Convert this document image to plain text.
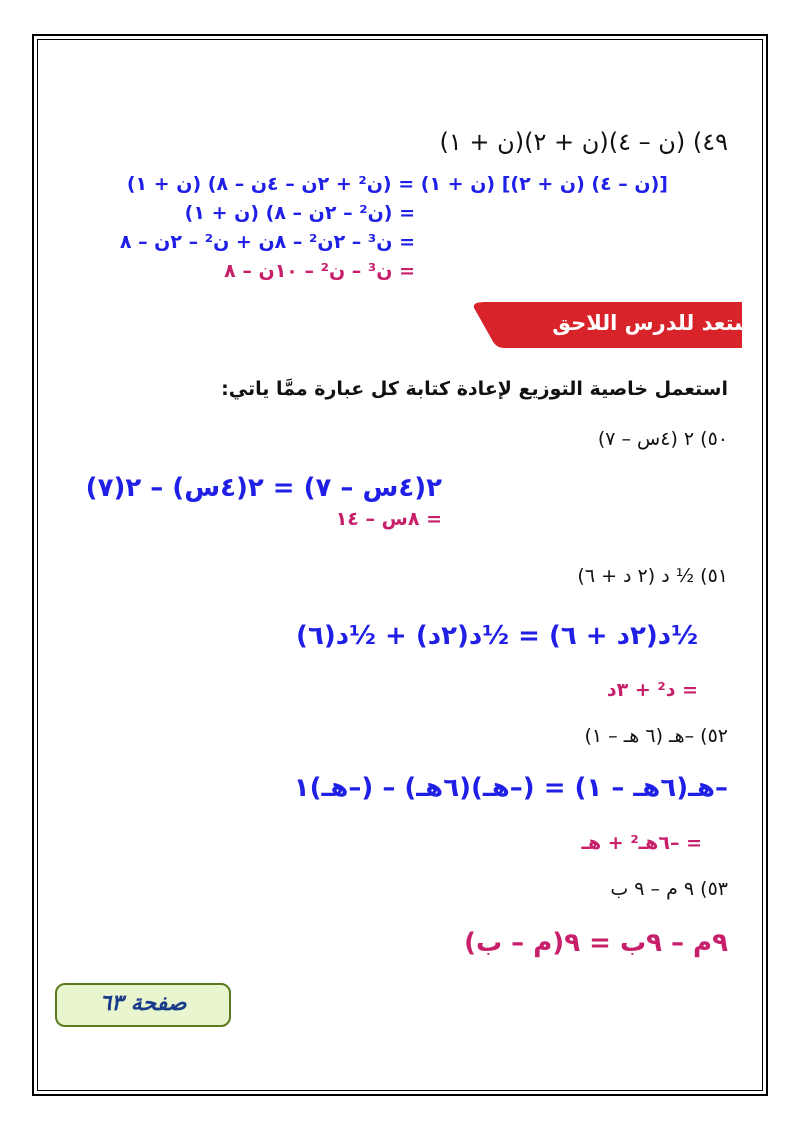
٤٩) (ن – ٤)(ن + ٢)(ن + ١)
[(ن – ٤) (ن + ٢)] (ن + ١) = (ن² + ٢ن – ٤ن – ٨) (ن + ١)
= (ن² – ٢ن – ٨) (ن + ١)
= ن³ – ٢ن² – ٨ن + ن² – ٢ن – ٨
= ن³ – ن² – ١٠ن – ٨
استعد للدرس اللاحق
استعمل خاصية التوزيع لإعادة كتابة كل عبارة ممَّا ياتي:
٥٠) ٢ (٤س – ٧)
٢(٤س – ٧) = ٢(٤س) – ٢(٧)
= ٨س – ١٤
٥١) ½ د (٢ د + ٦)
½د(٢د + ٦) = ½د(٢د) + ½د(٦)
= د² + ٣د
٥٢) –هـ (٦ هـ – ١)
–هـ(٦هـ – ١) = (–هـ)(٦هـ) – (–هـ)١
= –٦هـ² + هـ
٥٣) ٩ م – ٩ ب
٩م – ٩ب = ٩(م – ب)
صفحة ٦٣
